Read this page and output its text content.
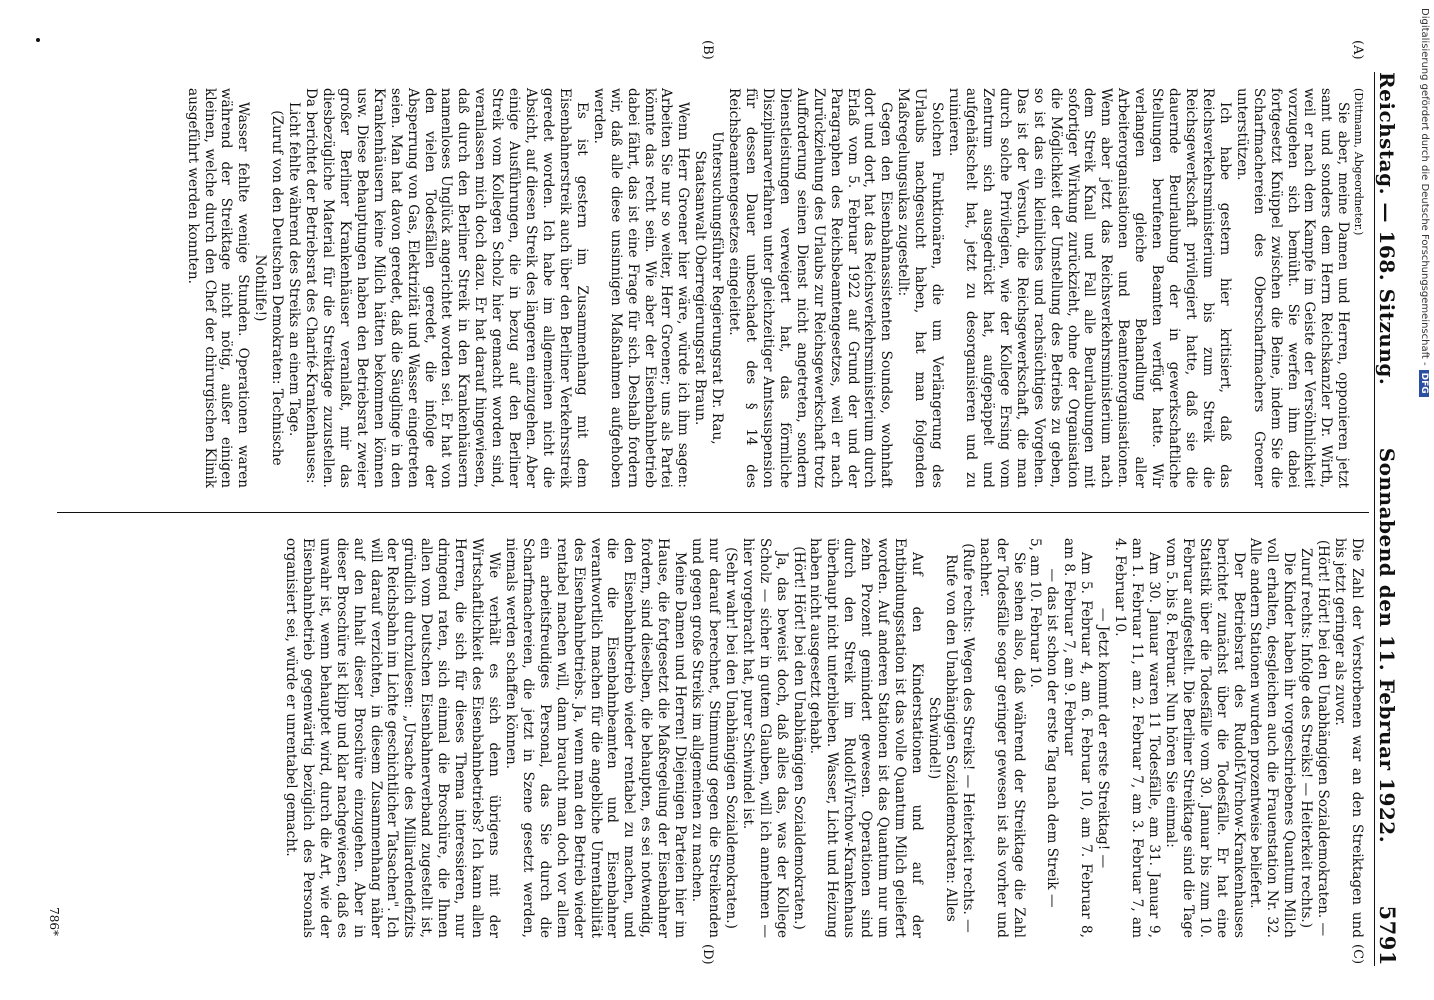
Reichstag. — 168. Sitzung.
Sonnabend den 11. Februar 1922.
5791
(A)
(B)
(C)
(D)

(Dittmann, Abgeordneter.)

Sie aber, meine Damen und Herren, opponieren jetzt samt und sonders dem Herrn Reichskanzler Dr. Wirth, weil er nach dem Kampfe im Geiste der Versöhnlichkeit vorzugehen sich bemüht. Sie werfen ihm dabei fortgesetzt Knüppel zwischen die Beine, indem Sie die Scharfmachereien des Oberscharfmachers Groener unterstützen.

Ich habe gestern hier kritisiert, daß das Reichsverkehrsministerium bis zum Streik die Reichsgewerkschaft privilegiert hatte, daß sie die dauernde Beurlaubung der in gewerkschaftliche Stellungen berufenen Beamten verfügt hatte. Wir verlangen gleiche Behandlung aller Arbeiterorganisationen und Beamtenorganisationen. Wenn aber jetzt das Reichsverkehrsministerium nach dem Streik Knall und Fall alle Beurlaubungen mit sofortiger Wirkung zurückzieht, ohne der Organisation die Möglichkeit der Umstellung des Betriebs zu geben, so ist das ein kleinliches und rachsüchtiges Vorgehen. Das ist der Versuch, die Reichsgewerkschaft, die man durch solche Privilegien, wie der Kollege Ersing vom Zentrum sich ausgedrückt hat, aufgepäppelt und aufgehätschelt hat, jetzt zu desorganisieren und zu ruinieren.

Solchen Funktionären, die um Verlängerung des Urlaubs nachgesucht haben, hat man folgenden Maßregelungsukas zugestellt:

Gegen den Eisenbahnassistenten Soundso, wohnhaft dort und dort, hat das Reichsverkehrsministerium durch Erlaß vom 5. Februar 1922 auf Grund der und der Paragraphen des Reichsbeamtengesetzes, weil er nach Zurückziehung des Urlaubs zur Reichsgewerkschaft trotz Aufforderung seinen Dienst nicht angetreten, sondern Dienstleistungen verweigert hat, das förmliche Disziplinarverfahren unter gleichzeitiger Amtssuspension für dessen Dauer unbeschadet des § 14 des Reichsbeamtengesetzes eingeleitet.

Untersuchungsführer Regierungsrat Dr. Rau, Staatsanwalt Oberregierungsrat Braun.

Wenn Herr Groener hier wäre, würde ich ihm sagen: Arbeiten Sie nur so weiter, Herr Groener; uns als Partei könnte das recht sein. Wie aber der Eisenbahnbetrieb dabei fährt, das ist eine Frage für sich. Deshalb fordern wir, daß alle diese unsinnigen Maßnahmen aufgehoben werden.

Es ist gestern im Zusammenhang mit dem Eisenbahnerstreik auch über den Berliner Verkehrsstreik geredet worden. Ich habe im allgemeinen nicht die Absicht, auf diesen Streik des längeren einzugehen. Aber einige Ausführungen, die in bezug auf den Berliner Streik vom Kollegen Scholz hier gemacht worden sind, veranlassen mich doch dazu. Er hat darauf hingewiesen, daß durch den Berliner Streik in den Krankenhäusern namenloses Unglück angerichtet worden sei. Er hat von den vielen Todesfällen geredet, die infolge der Absperrung von Gas, Elektrizität und Wasser eingetreten seien. Man hat davon geredet, daß die Säuglinge in den Krankenhäusern keine Milch hätten bekommen können usw. Diese Behauptungen haben den Betriebsrat zweier großer Berliner Krankenhäuser veranlaßt, mir das diesbezügliche Material für die Streiktage zuzustellen. Da berichtet der Betriebsrat des Charité-Krankenhauses:

Licht fehlte während des Streiks an einem Tage.

(Zuruf von den Deutschen Demokraten: Technische Nothilfe!)

Wasser fehlte wenige Stunden. Operationen waren während der Streiktage nicht nötig, außer einigen kleinen, welche durch den Chef der chirurgischen Klinik ausgeführt werden konnten.

Die Zahl der Verstorbenen war an den Streiktagen und bis jetzt geringer als zuvor.

(Hört! Hört! bei den Unabhängigen Sozialdemokraten. — Zuruf rechts: Infolge des Streiks! — Heiterkeit rechts.)

Die Kinder haben ihr vorgeschriebenes Quantum Milch voll erhalten, desgleichen auch die Frauenstation Nr. 32. Alle andern Stationen wurden prozentweise beliefert.

Der Betriebsrat des Rudolf-Virchow-Krankenhauses berichtet zunächst über die Todesfälle. Er hat eine Statistik über die Todesfälle vom 30. Januar bis zum 10. Februar aufgestellt. Die Berliner Streiktage sind die Tage vom 5. bis 8. Februar. Nun hören Sie einmal:

Am 30. Januar waren 11 Todesfälle, am 31. Januar 9, am 1. Februar 11, am 2. Februar 7, am 3. Februar 7, am 4. Februar 10.

— Jetzt kommt der erste Streiktag! —

Am 5. Februar 4, am 6. Februar 10, am 7. Februar 8, am 8. Februar 7, am 9. Februar

— das ist schon der erste Tag nach dem Streik —

5, am 10. Februar 10.

Sie sehen also, daß während der Streiktage die Zahl der Todesfälle sogar geringer gewesen ist als vorher und nachher.

(Rufe rechts: Wegen des Streiks! — Heiterkeit rechts. — Rufe von den Unabhängigen Sozialdemokraten: Alles Schwindel!)

Auf den Kinderstationen und auf der Entbindungsstation ist das volle Quantum Milch geliefert worden. Auf anderen Stationen ist das Quantum nur um zehn Prozent gemindert gewesen. Operationen sind durch den Streik im Rudolf-Virchow-Krankenhaus überhaupt nicht unterblieben. Wasser, Licht und Heizung haben nicht ausgesetzt gehabt.

(Hört! Hört! bei den Unabhängigen Sozialdemokraten.)

Ja, das beweist doch, daß alles das, was der Kollege Scholz — sicher in gutem Glauben, will ich annehmen — hier vorgebracht hat, purer Schwindel ist.

(Sehr wahr! bei den Unabhängigen Sozialdemokraten.)

nur darauf berechnet, Stimmung gegen die Streikenden und gegen große Streiks im allgemeinen zu machen.

Meine Damen und Herren! Diejenigen Parteien hier im Hause, die fortgesetzt die Maßregelung der Eisenbahner fordern, sind dieselben, die behaupten, es sei notwendig, den Eisenbahnbetrieb wieder rentabel zu machen, und die die Eisenbahnbeamten und Eisenbahner verantwortlich machen für die angebliche Unrentabilität des Eisenbahnbetriebs. Ja, wenn man den Betrieb wieder rentabel machen will, dann braucht man doch vor allem ein arbeitsfreudiges Personal, das Sie durch die Scharfmachereien, die jetzt in Szene gesetzt werden, niemals werden schaffen können.

Wie verhält es sich denn übrigens mit der Wirtschaftlichkeit des Eisenbahnbetriebs? Ich kann allen Herren, die sich für dieses Thema interessieren, nur dringend raten, sich einmal die Broschüre, die Ihnen allen vom Deutschen Eisenbahnerverband zugestellt ist, gründlich durchzulesen: „Ursache des Milliardendefizits der Reichsbahn im Lichte geschichtlicher Tatsachen". Ich will darauf verzichten, in diesem Zusammenhang näher auf den Inhalt dieser Broschüre einzugehen. Aber in dieser Broschüre ist klipp und klar nachgewiesen, daß es unwahr ist, wenn behauptet wird, durch die Art, wie der Eisenbahnbetrieb gegenwärtig bezüglich des Personals organisiert sei, würde er unrentabel gemacht.

786*
Digitalisierung gefördert durch die Deutsche Forschungsgemeinschaft -DFG
